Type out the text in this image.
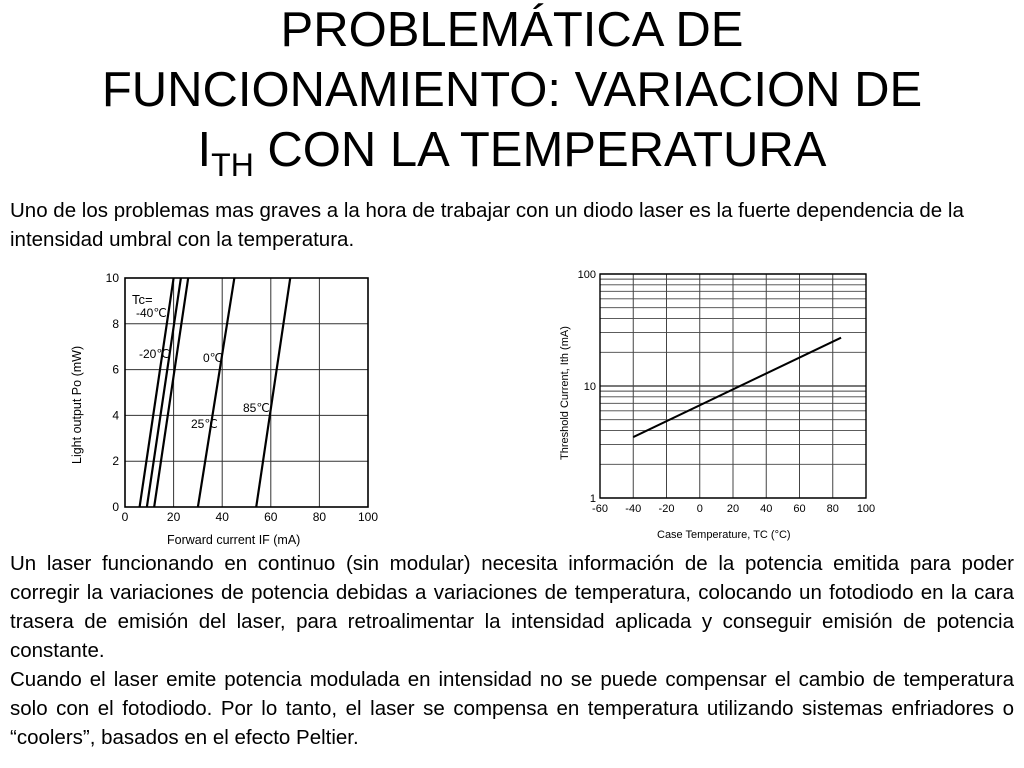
PROBLEMÁTICA DE
FUNCIONAMIENTO: VARIACION DE
$I_{TH}$ CON LA TEMPERATURA
Uno de los problemas mas graves a la hora de trabajar con un diodo laser es la fuerte dependencia de la intensidad umbral con la temperatura.
0	20	40	60	80	100
0
2
4
6
8
10
Tc=
-40℃
-20℃	0℃
25℃
85℃
Forward current IF (mA)
Light output Po (mW)
-60 -40 -20 0 20 40 60 80 100
1
10
100
Case Temperature, TC (°C)
Threshold Current, Ith (mA)

Un laser funcionando en continuo (sin modular) necesita información de la potencia emitida para poder corregir la variaciones de potencia debidas a variaciones de temperatura, colocando un fotodiodo en la cara trasera de emisión del laser, para retroalimentar la intensidad aplicada y conseguir emisión de potencia constante.

Cuando el laser emite potencia modulada en intensidad no se puede compensar el cambio de temperatura solo con el fotodiodo. Por lo tanto, el laser se compensa en temperatura utilizando sistemas enfriadores o “coolers”, basados en el efecto Peltier.
